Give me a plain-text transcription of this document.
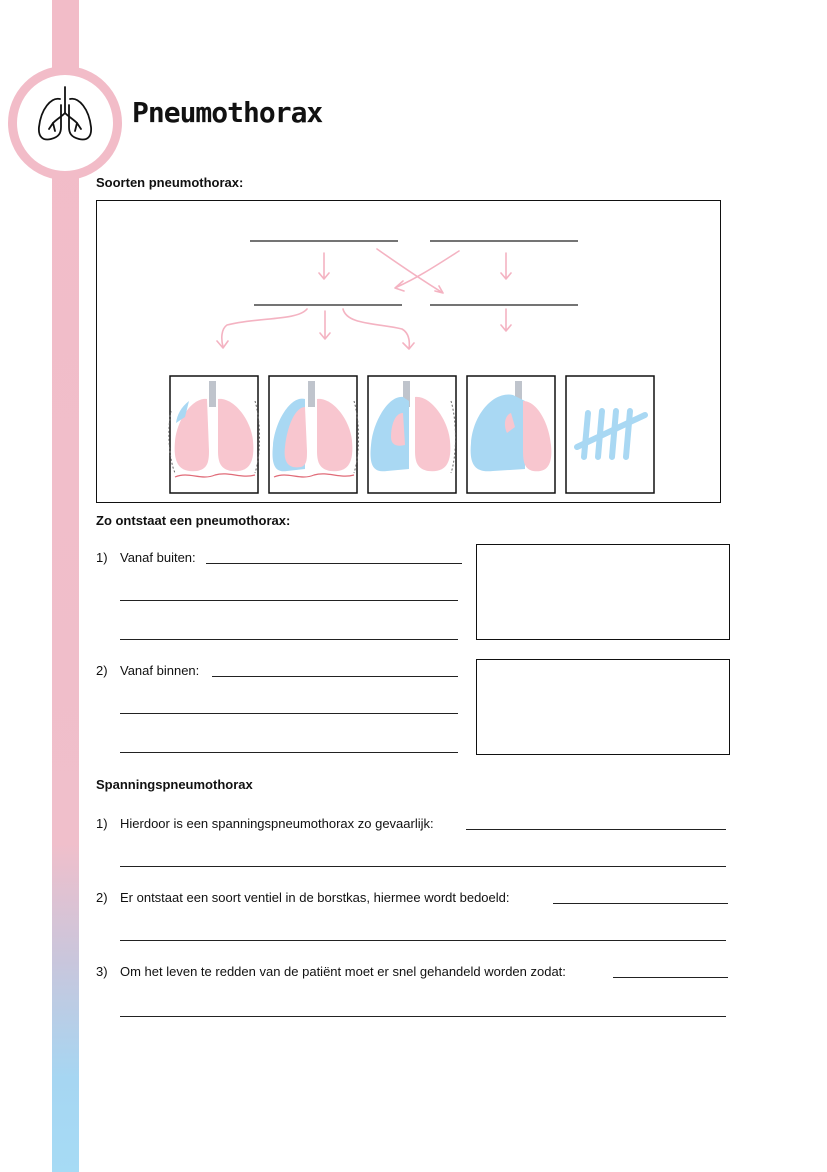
Pneumothorax
Soorten pneumothorax:
Zo ontstaat een pneumothorax:
1) Vanaf buiten:
2) Vanaf binnen:
Spanningspneumothorax
1) Hierdoor is een spanningspneumothorax zo gevaarlijk:
2) Er ontstaat een soort ventiel in de borstkas, hiermee wordt bedoeld:
3) Om het leven te redden van de patiënt moet er snel gehandeld worden zodat:
